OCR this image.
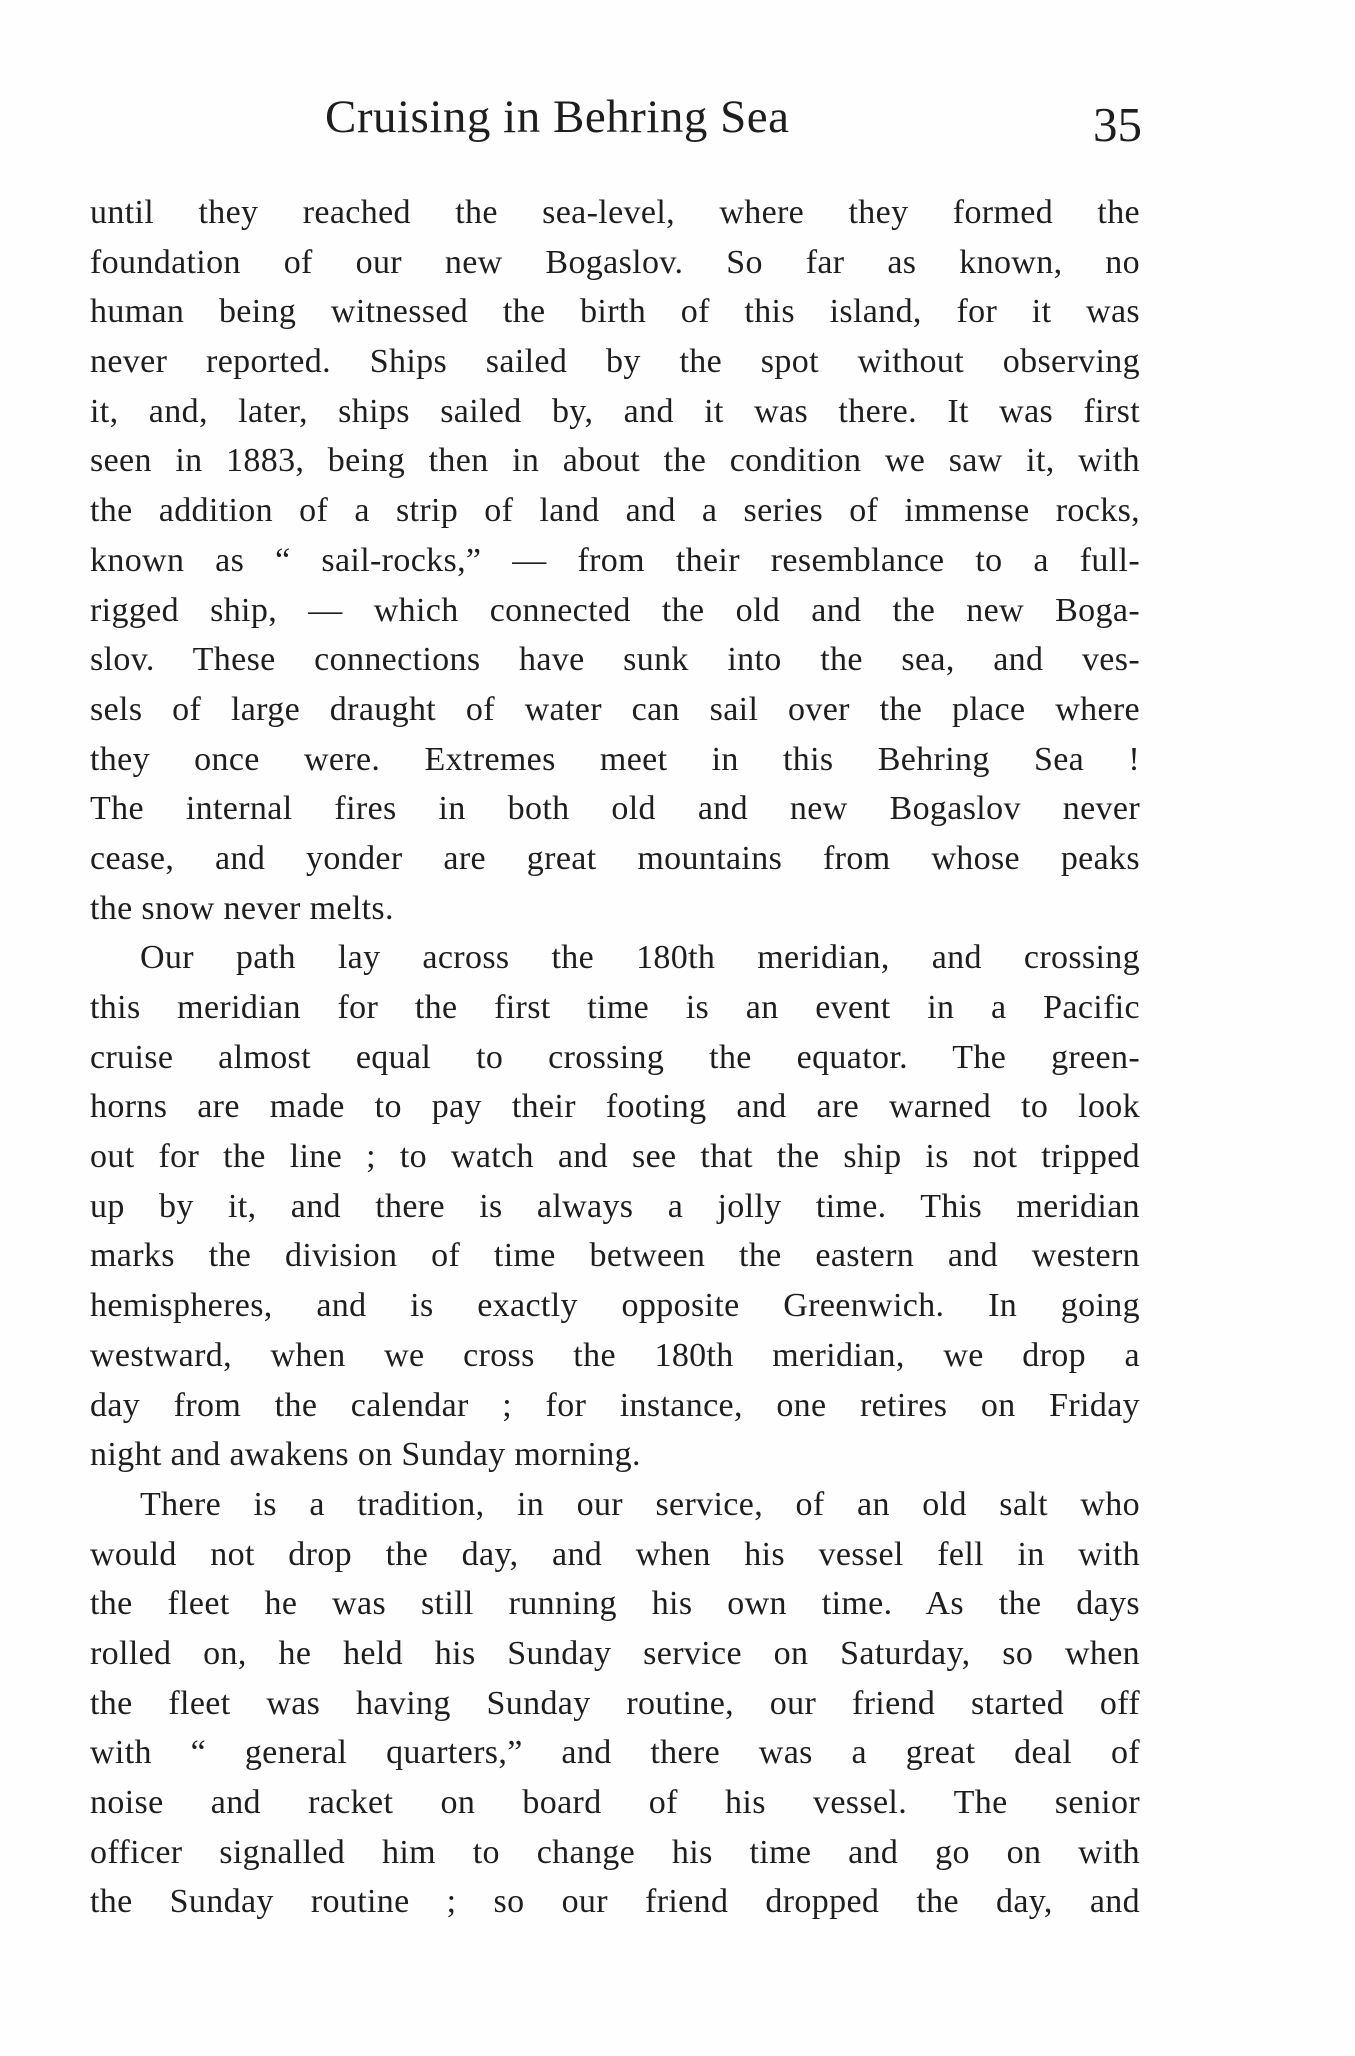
Cruising in Behring Sea	35
until they reached the sea-level, where they formed the
foundation of our new Bogaslov. So far as known, no
human being witnessed the birth of this island, for it was
never reported. Ships sailed by the spot without observing
it, and, later, ships sailed by, and it was there. It was first
seen in 1883, being then in about the condition we saw it, with
the addition of a strip of land and a series of immense rocks,
known as “ sail-rocks,” — from their resemblance to a full-
rigged ship, — which connected the old and the new Boga-
slov. These connections have sunk into the sea, and ves-
sels of large draught of water can sail over the place where
they once were. Extremes meet in this Behring Sea !
The internal fires in both old and new Bogaslov never
cease, and yonder are great mountains from whose peaks
the snow never melts.
Our path lay across the 180th meridian, and crossing
this meridian for the first time is an event in a Pacific
cruise almost equal to crossing the equator. The green-
horns are made to pay their footing and are warned to look
out for the line ; to watch and see that the ship is not tripped
up by it, and there is always a jolly time. This meridian
marks the division of time between the eastern and western
hemispheres, and is exactly opposite Greenwich. In going
westward, when we cross the 180th meridian, we drop a
day from the calendar ; for instance, one retires on Friday
night and awakens on Sunday morning.
There is a tradition, in our service, of an old salt who
would not drop the day, and when his vessel fell in with
the fleet he was still running his own time. As the days
rolled on, he held his Sunday service on Saturday, so when
the fleet was having Sunday routine, our friend started off
with “ general quarters,” and there was a great deal of
noise and racket on board of his vessel. The senior
officer signalled him to change his time and go on with
the Sunday routine ; so our friend dropped the day, and
